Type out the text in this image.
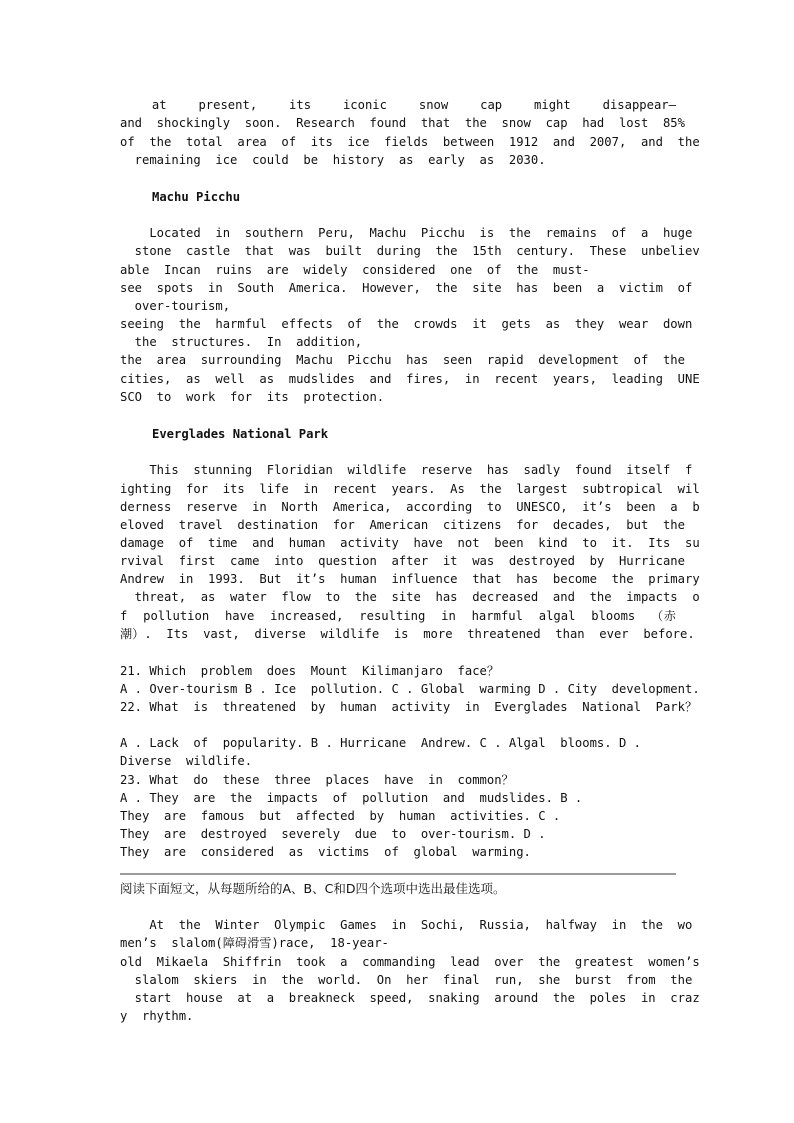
at  present,  its  iconic  snow  cap  might  disappear—
and  shockingly  soon.  Research  found  that  the  snow  cap  had  lost  85%
of  the  total  area  of  its  ice  fields  between  1912  and  2007,  and  the
remaining  ice  could  be  history  as  early  as  2030.
Machu Picchu
Located  in  southern  Peru,  Machu  Picchu  is  the  remains  of  a  huge
stone  castle  that  was  built  during  the  15th  century.  These  unbeliev
able  Incan  ruins  are  widely  considered  one  of  the  must-
see  spots  in  South  America.  However,  the  site  has  been  a  victim  of
over-tourism,
seeing  the  harmful  effects  of  the  crowds  it  gets  as  they  wear  down
the  structures.  In  addition,
the  area  surrounding  Machu  Picchu  has  seen  rapid  development  of  the
cities,  as  well  as  mudslides  and  fires,  in  recent  years,  leading  UNE
SCO  to  work  for  its  protection.
Everglades National Park
This  stunning  Floridian  wildlife  reserve  has  sadly  found  itself  f
ighting  for  its  life  in  recent  years.  As  the  largest  subtropical  wil
derness  reserve  in  North  America,  according  to  UNESCO,  it’s  been  a  b
eloved  travel  destination  for  American  citizens  for  decades,  but  the
damage  of  time  and  human  activity  have  not  been  kind  to  it.  Its  su
rvival  first  came  into  question  after  it  was  destroyed  by  Hurricane
Andrew  in  1993.  But  it’s  human  influence  that  has  become  the  primary
threat,  as  water  flow  to  the  site  has  decreased  and  the  impacts  o
f  pollution  have  increased,  resulting  in  harmful  algal  blooms  （赤
潮）.  Its  vast,  diverse  wildlife  is  more  threatened  than  ever  before.
21. Which  problem  does  Mount  Kilimanjaro  face？
A . Over-tourism B . Ice  pollution. C . Global  warming D . City  development.
22. What  is  threatened  by  human  activity  in  Everglades  National  Park？
A . Lack  of  popularity. B . Hurricane  Andrew. C . Algal  blooms. D .
Diverse  wildlife.
23. What  do  these  three  places  have  in  common？
A . They  are  the  impacts  of  pollution  and  mudslides. B .
They  are  famous  but  affected  by  human  activities. C .
They  are  destroyed  severely  due  to  over-tourism. D .
They  are  considered  as  victims  of  global  warming.
阅读下面短文，从每题所给的A、B、C和D四个选项中选出最佳选项。
At  the  Winter  Olympic  Games  in  Sochi,  Russia,  halfway  in  the  wo
men’s  slalom(障碍滑雪)race,  18-year-
old  Mikaela  Shiffrin  took  a  commanding  lead  over  the  greatest  women’s
slalom  skiers  in  the  world.  On  her  final  run,  she  burst  from  the
start  house  at  a  breakneck  speed,  snaking  around  the  poles  in  craz
y  rhythm.
